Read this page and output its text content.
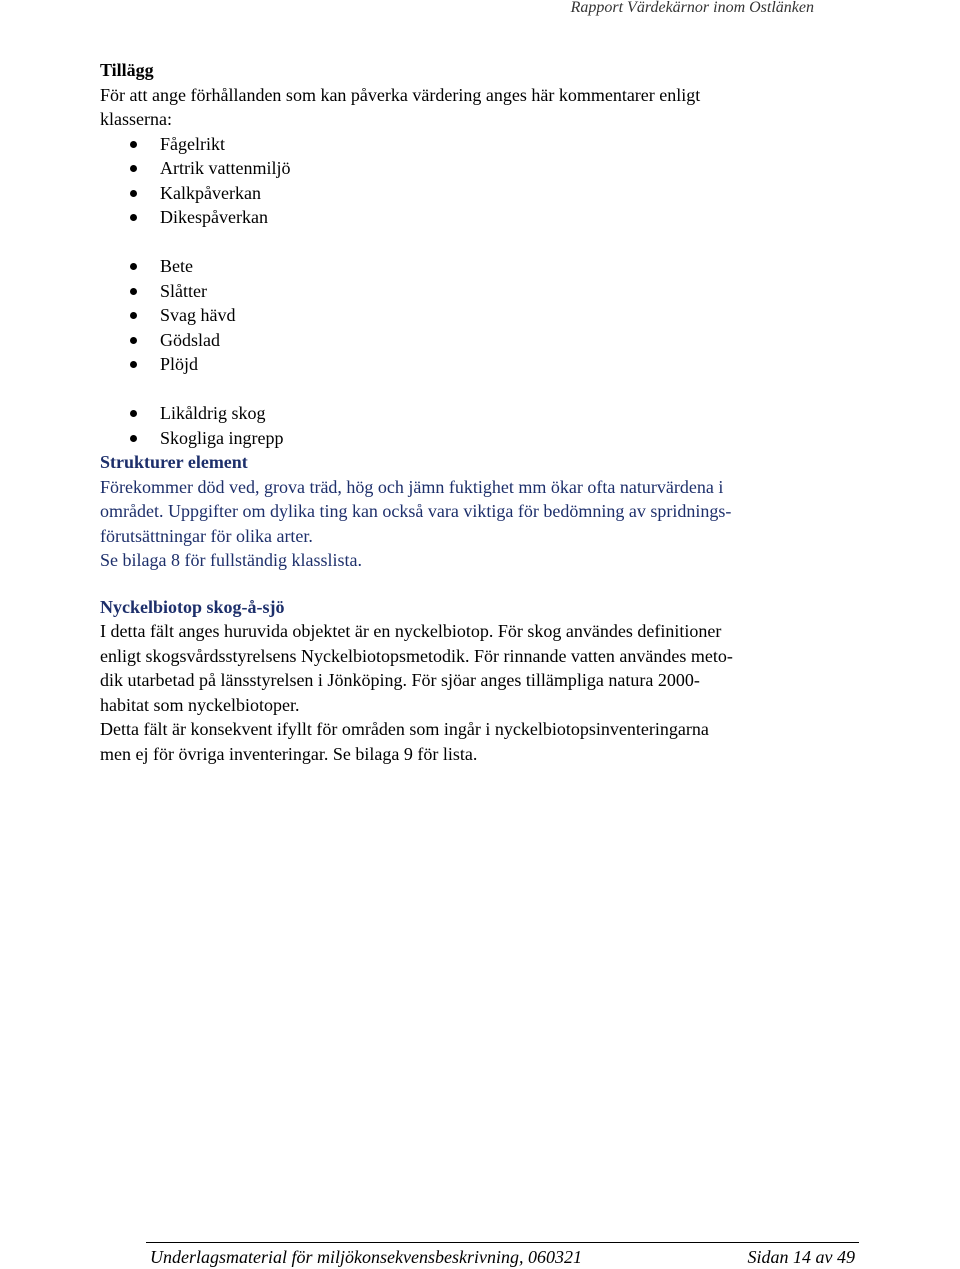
Rapport Värdekärnor inom Ostlänken

Tillägg

För att ange förhållanden som kan påverka värdering anges här kommentarer enligt

klasserna:

Fågelrikt
Artrik vattenmiljö
Kalkpåverkan
Dikespåverkan
Bete
Slåtter
Svag hävd
Gödslad
Plöjd
Likåldrig skog
Skogliga ingrepp

Strukturer element

Förekommer död ved, grova träd, hög och jämn fuktighet mm ökar ofta naturvärdena i

området. Uppgifter om dylika ting kan också vara viktiga för bedömning av spridnings-

förutsättningar för olika arter.

Se bilaga 8 för fullständig klasslista.

Nyckelbiotop skog-å-sjö

I detta fält anges huruvida objektet är en nyckelbiotop. För skog användes definitioner

enligt skogsvårdsstyrelsens Nyckelbiotopsmetodik. För rinnande vatten användes meto-

dik utarbetad på länsstyrelsen i Jönköping. För sjöar anges tillämpliga natura 2000-

habitat som nyckelbiotoper.

Detta fält är konsekvent ifyllt för områden som ingår i nyckelbiotopsinventeringarna

men ej för övriga inventeringar. Se bilaga 9 för lista.

Underlagsmaterial för miljökonsekvensbeskrivning, 060321	Sidan 14 av 49
